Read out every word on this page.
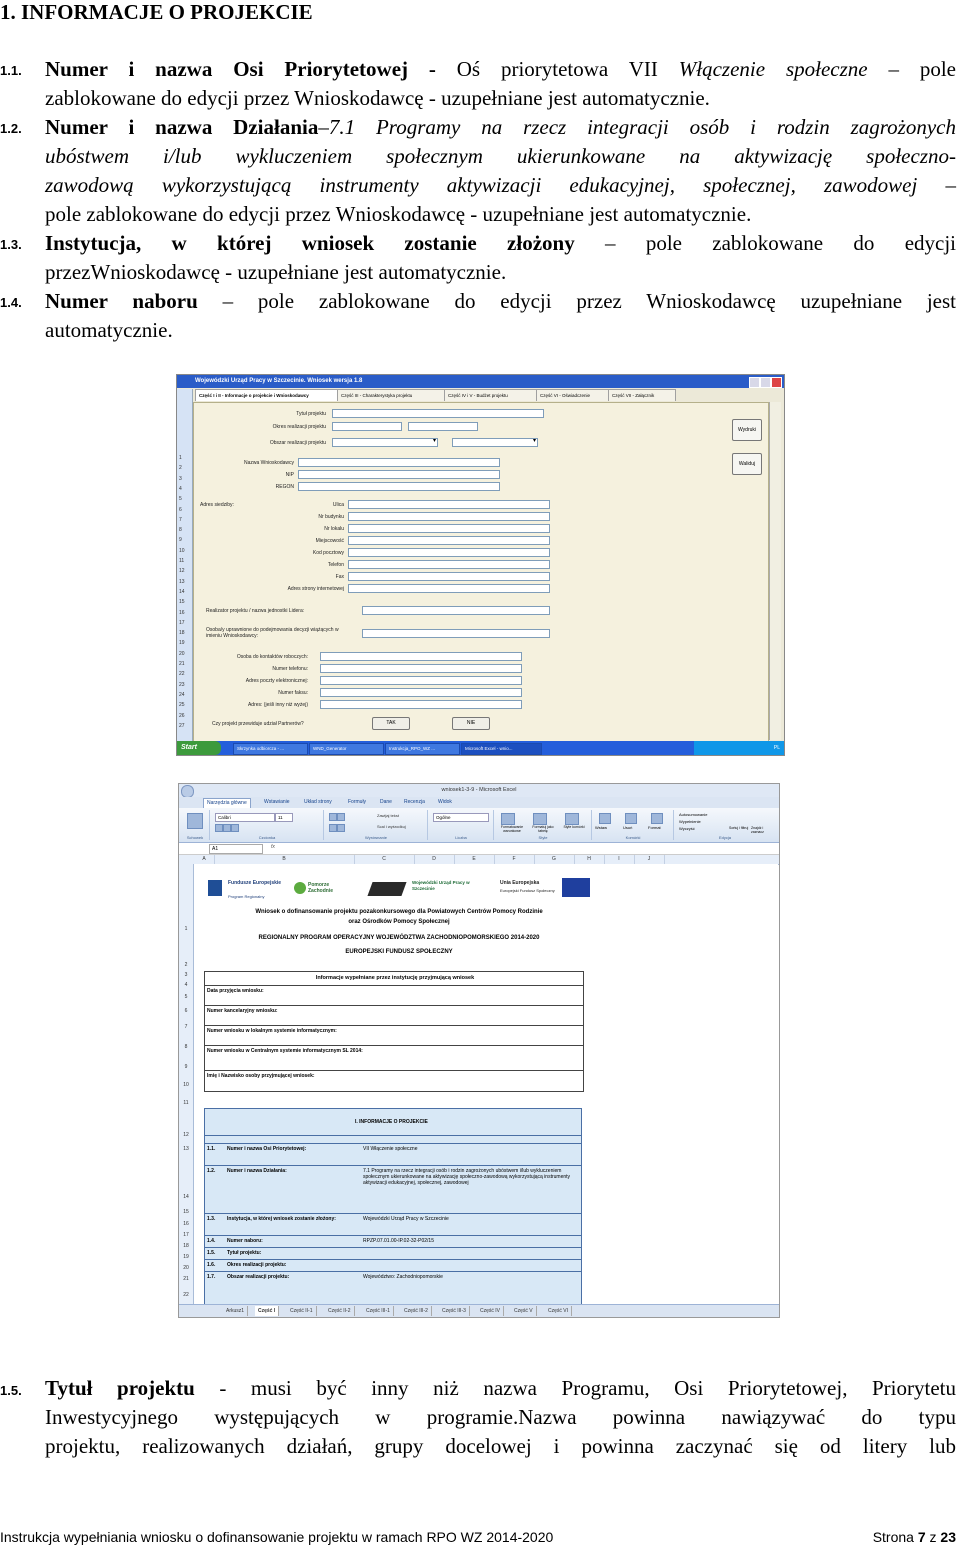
1. INFORMACJE O PROJEKCIE
1.1. Numer i nazwa Osi Priorytetowej - Oś priorytetowa VII Włączenie społeczne – pole
zablokowane do edycji przez Wnioskodawcę - uzupełniane jest automatycznie.
1.2. Numer i nazwa Działania–7.1 Programy na rzecz integracji osób i rodzin zagrożonych
ubóstwem i/lub wykluczeniem społecznym ukierunkowane na aktywizację społeczno-
zawodową wykorzystującą instrumenty aktywizacji edukacyjnej, społecznej, zawodowej –
pole zablokowane do edycji przez Wnioskodawcę - uzupełniane jest automatycznie.
1.3. Instytucja, w której wniosek zostanie złożony – pole zablokowane do edycji
przezWnioskodawcę - uzupełniane jest automatycznie.
1.4. Numer naboru – pole zablokowane do edycji przez Wnioskodawcę uzupełniane jest
automatycznie.
Wojewódzki Urząd Pracy w Szczecinie. Wniosek wersja 1.8
Część I i II - Informacje o projekcie i Wnioskodawcy	Część III - Charakterystyka projektu	Część IV i V - Budżet projektu	Część VI - Oświadczenie	Część VII - Załącznik
1
2
3
4
5
6
7
8
9
10
11
12
13
14
15
16
17
18
19
20
21
22
23
24
25
26
27
Tytuł projektu
Okres realizacji projektu
Obszar realizacji projektu
▾
▾
Nazwa Wnioskodawcy
NIP
REGON
Adres siedziby:	Ulica
Nr budynku
Nr lokalu
Miejscowość
Kod pocztowy
Telefon
Fax
Adres strony internetowej
Realizator projektu / nazwa jednostki Lidera:
Osoba/y uprawnione do podejmowania decyzji wiążących w imieniu Wnioskodawcy:
Osoba do kontaktów roboczych:
Numer telefonu:
Adres poczty elektronicznej:
Numer faksu:
Adres: (jeśli inny niż wyżej)
Czy projekt przewiduje udział Partnerów?	TAK	NIE
Wydruki
Waliduj
Start	Skrzynka odbiorcza - ...	WND_Generator	Instrukcja_RPO_WZ ...	Microsoft Excel - wnio...	PL
wniosek1-3-9 - Microsoft Excel
Narzędzia główne	Wstawianie	Układ strony	Formuły	Dane	Recenzja	Widok
Schowek
Calibri	11
Czcionka
Zawijaj tekst
Scal i wyśrodkuj
Wyrównanie
Ogólne
Liczba
Formatowanie warunkowe
Formatuj jako tabelę
Style komórki
Style
Wstaw	Usuń	Format
Komórki
Autosumowanie
Wypełnienie
Wyczyść	Sortuj i filtruj Znajdź i zaznacz
Edycja
A1	fx
A	B	C	D	E	F	G	H	I	J
1
2
3
4
5
6
7
8
9
10
11
12
13
14
15
16
17
18
19
20
21
22
Fundusze Europejskie
Program Regionalny
Pomorze Zachodnie
Wojewódzki Urząd Pracy w Szczecinie
Unia Europejska
Europejski Fundusz Społeczny
Wniosek o dofinansowanie projektu pozakonkursowego dla Powiatowych Centrów Pomocy Rodzinie
oraz Ośrodków Pomocy Społecznej
REGIONALNY PROGRAM OPERACYJNY WOJEWÓDZTWA ZACHODNIOPOMORSKIEGO 2014-2020
EUROPEJSKI FUNDUSZ SPOŁECZNY
Informacje wypełniane przez instytucję przyjmującą wniosek
Data przyjęcia wniosku:
Numer kancelaryjny wniosku:
Numer wniosku w lokalnym systemie informatycznym:
Numer wniosku w Centralnym systemie informatycznym SL 2014:
Imię i Nazwisko osoby przyjmującej wniosek:
I. INFORMACJE O PROJEKCIE
1.1. Numer i nazwa Osi Priorytetowej:	VII Włączenie społeczne
1.2. Numer i nazwa Działania:	7.1 Programy na rzecz integracji osób i rodzin zagrożonych ubóstwem i/lub wykluczeniem społecznym ukierunkowane na aktywizację społeczno-zawodową wykorzystującą instrumenty aktywizacji edukacyjnej, społecznej, zawodowej
1.3. Instytucja, w której wniosek zostanie złożony:	Wojewódzki Urząd Pracy w Szczecinie
1.4. Numer naboru:	RPZP.07.01.00-IP.02-32-P02/15
1.5. Tytuł projektu:
1.6. Okres realizacji projektu:
1.7. Obszar realizacji projektu:	Województwo: Zachodniopomorskie
Arkusz1	Część I	Część II-1	Część II-2	Część III-1	Część III-2	Część III-3	Część IV	Część V	Część VI
1.5. Tytuł projektu - musi być inny niż nazwa Programu, Osi Priorytetowej, Priorytetu
Inwestycyjnego występujących w programie.Nazwa powinna nawiązywać do typu
projektu, realizowanych działań, grupy docelowej i powinna zaczynać się od litery lub
Instrukcja wypełniania wniosku o dofinansowanie projektu w ramach RPO WZ 2014-2020	Strona 7 z 23
